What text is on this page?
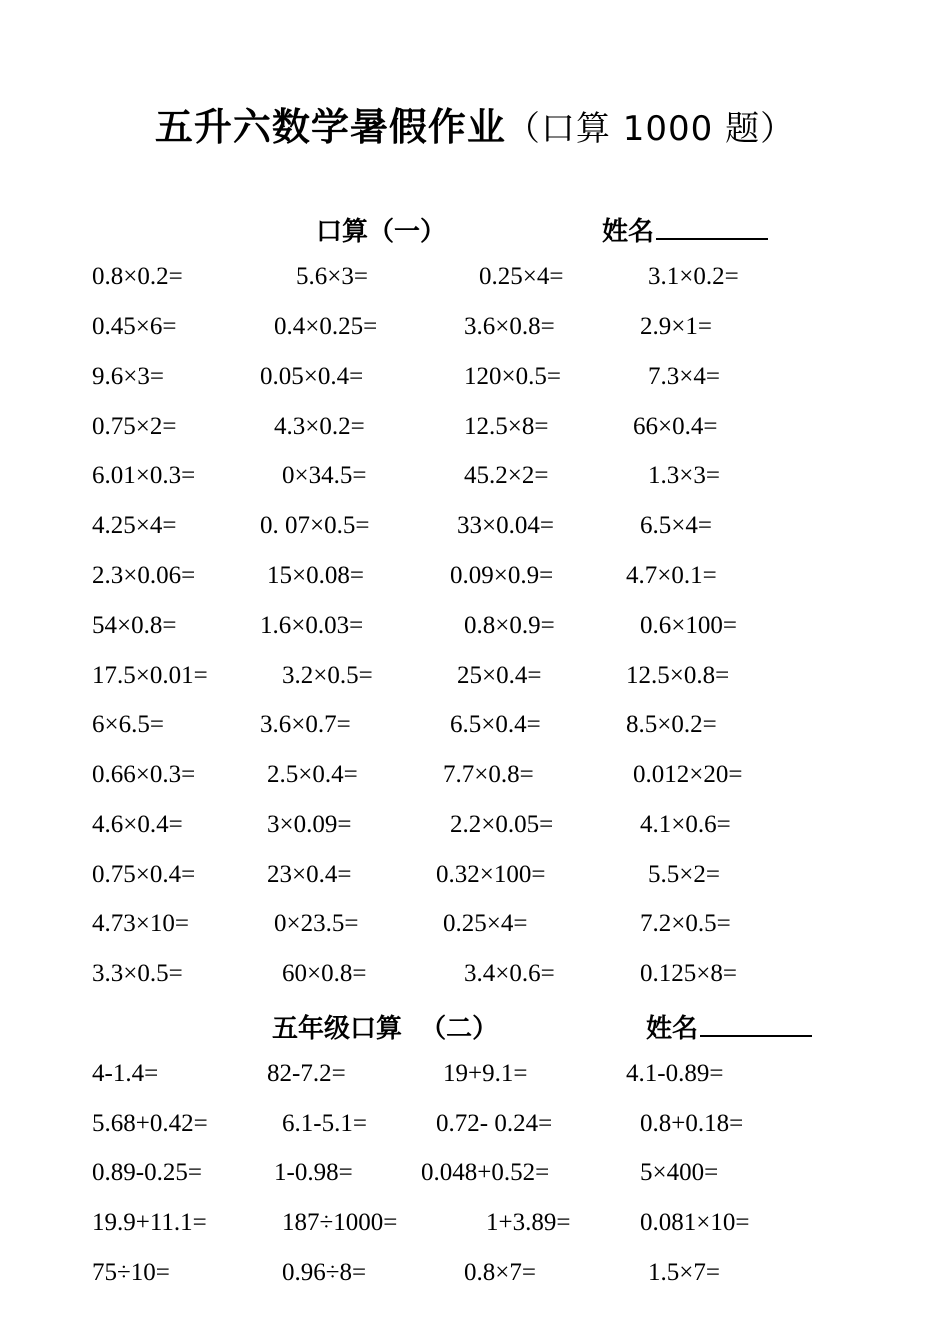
五升六数学暑假作业（口算 1000 题）
口算（一）	姓名
五年级口算  （二）	姓名
0.8×0.2=	5.6×3=	0.25×4=	3.1×0.2=
0.45×6=	0.4×0.25=	3.6×0.8=	2.9×1=
9.6×3=	0.05×0.4=	120×0.5=	7.3×4=
0.75×2=	4.3×0.2=	12.5×8=	66×0.4=
6.01×0.3=	0×34.5=	45.2×2=	1.3×3=
4.25×4=	0. 07×0.5=	33×0.04=	6.5×4=
2.3×0.06=	15×0.08=	0.09×0.9=	4.7×0.1=
54×0.8=	1.6×0.03=	0.8×0.9=	0.6×100=
17.5×0.01=	3.2×0.5=	25×0.4=	12.5×0.8=
6×6.5=	3.6×0.7=	6.5×0.4=	8.5×0.2=
0.66×0.3=	2.5×0.4=	7.7×0.8=	0.012×20=
4.6×0.4=	3×0.09=	2.2×0.05=	4.1×0.6=
0.75×0.4=	23×0.4=	0.32×100=	5.5×2=
4.73×10=	0×23.5=	0.25×4=	7.2×0.5=
3.3×0.5=	60×0.8=	3.4×0.6=	0.125×8=
4-1.4=	82-7.2=	19+9.1=	4.1-0.89=
5.68+0.42=	6.1-5.1=	0.72- 0.24=	0.8+0.18=
0.89-0.25=	1-0.98=	0.048+0.52=	5×400=
19.9+11.1=	187÷1000=	1+3.89=	0.081×10=
75÷10=	0.96÷8=	0.8×7=	1.5×7=
